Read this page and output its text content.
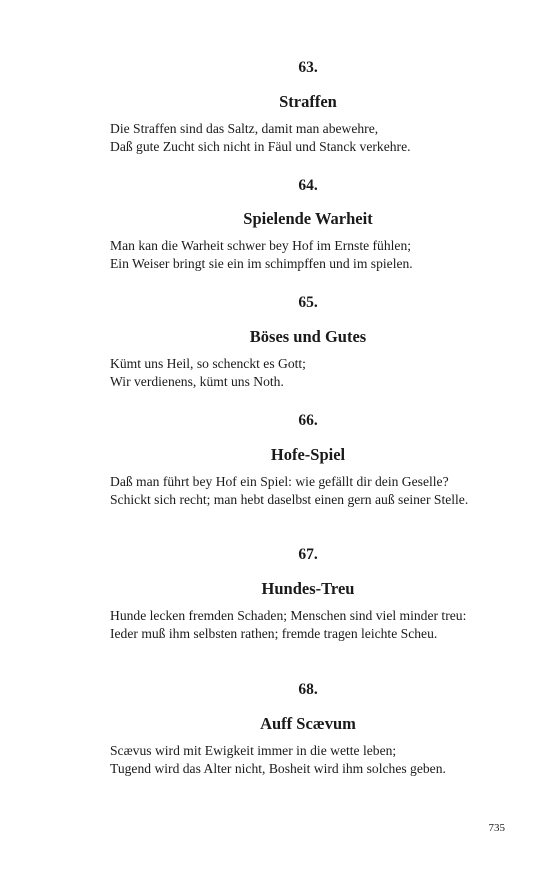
63.

Straffen

Die Straffen sind das Saltz, damit man abewehre,
Daß gute Zucht sich nicht in Fäul und Stanck verkehre.

64.

Spielende Warheit

Man kan die Warheit schwer bey Hof im Ernste fühlen;
Ein Weiser bringt sie ein im schimpffen und im spielen.

65.

Böses und Gutes

Kümt uns Heil, so schenckt es Gott;
Wir verdienens, kümt uns Noth.

66.

Hofe-Spiel

Daß man führt bey Hof ein Spiel: wie gefällt dir dein Geselle?
Schickt sich recht; man hebt daselbst einen gern auß seiner Stelle.

67.

Hundes-Treu

Hunde lecken fremden Schaden; Menschen sind viel minder treu:
Ieder muß ihm selbsten rathen; fremde tragen leichte Scheu.

68.

Auff Scævum

Scævus wird mit Ewigkeit immer in die wette leben;
Tugend wird das Alter nicht, Bosheit wird ihm solches geben.
735
